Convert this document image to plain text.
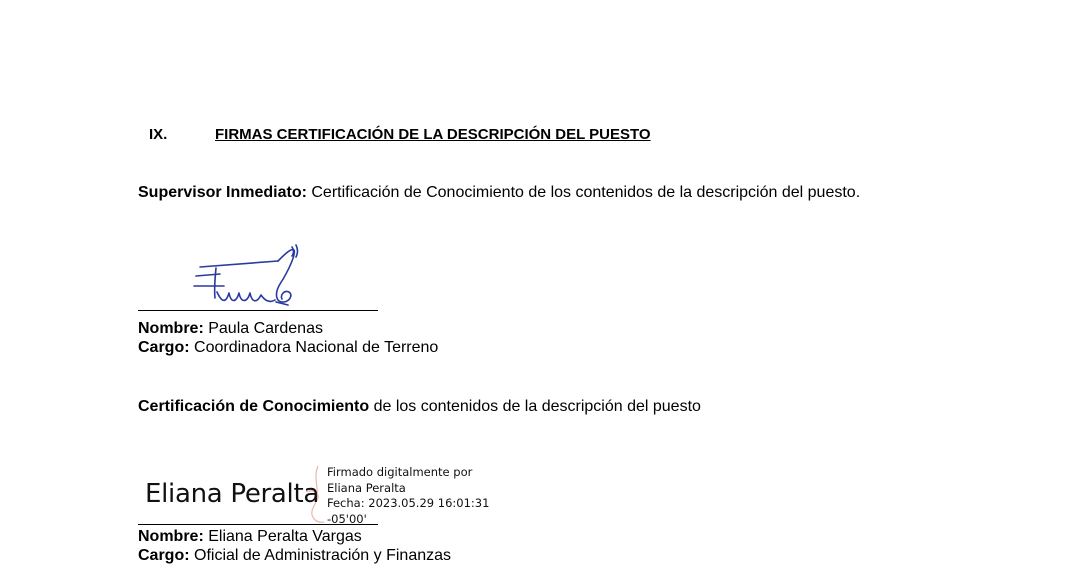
IX.	FIRMAS CERTIFICACIÓN DE LA DESCRIPCIÓN DEL PUESTO
Supervisor Inmediato: Certificación de Conocimiento de los contenidos de la descripción del puesto.
Nombre: Paula Cardenas
Cargo: Coordinadora Nacional de Terreno
Certificación de Conocimiento de los contenidos de la descripción del puesto
Eliana Peralta
Firmado digitalmente por
Eliana Peralta
Fecha: 2023.05.29 16:01:31
-05'00'
Nombre: Eliana Peralta Vargas
Cargo: Oficial de Administración y Finanzas
